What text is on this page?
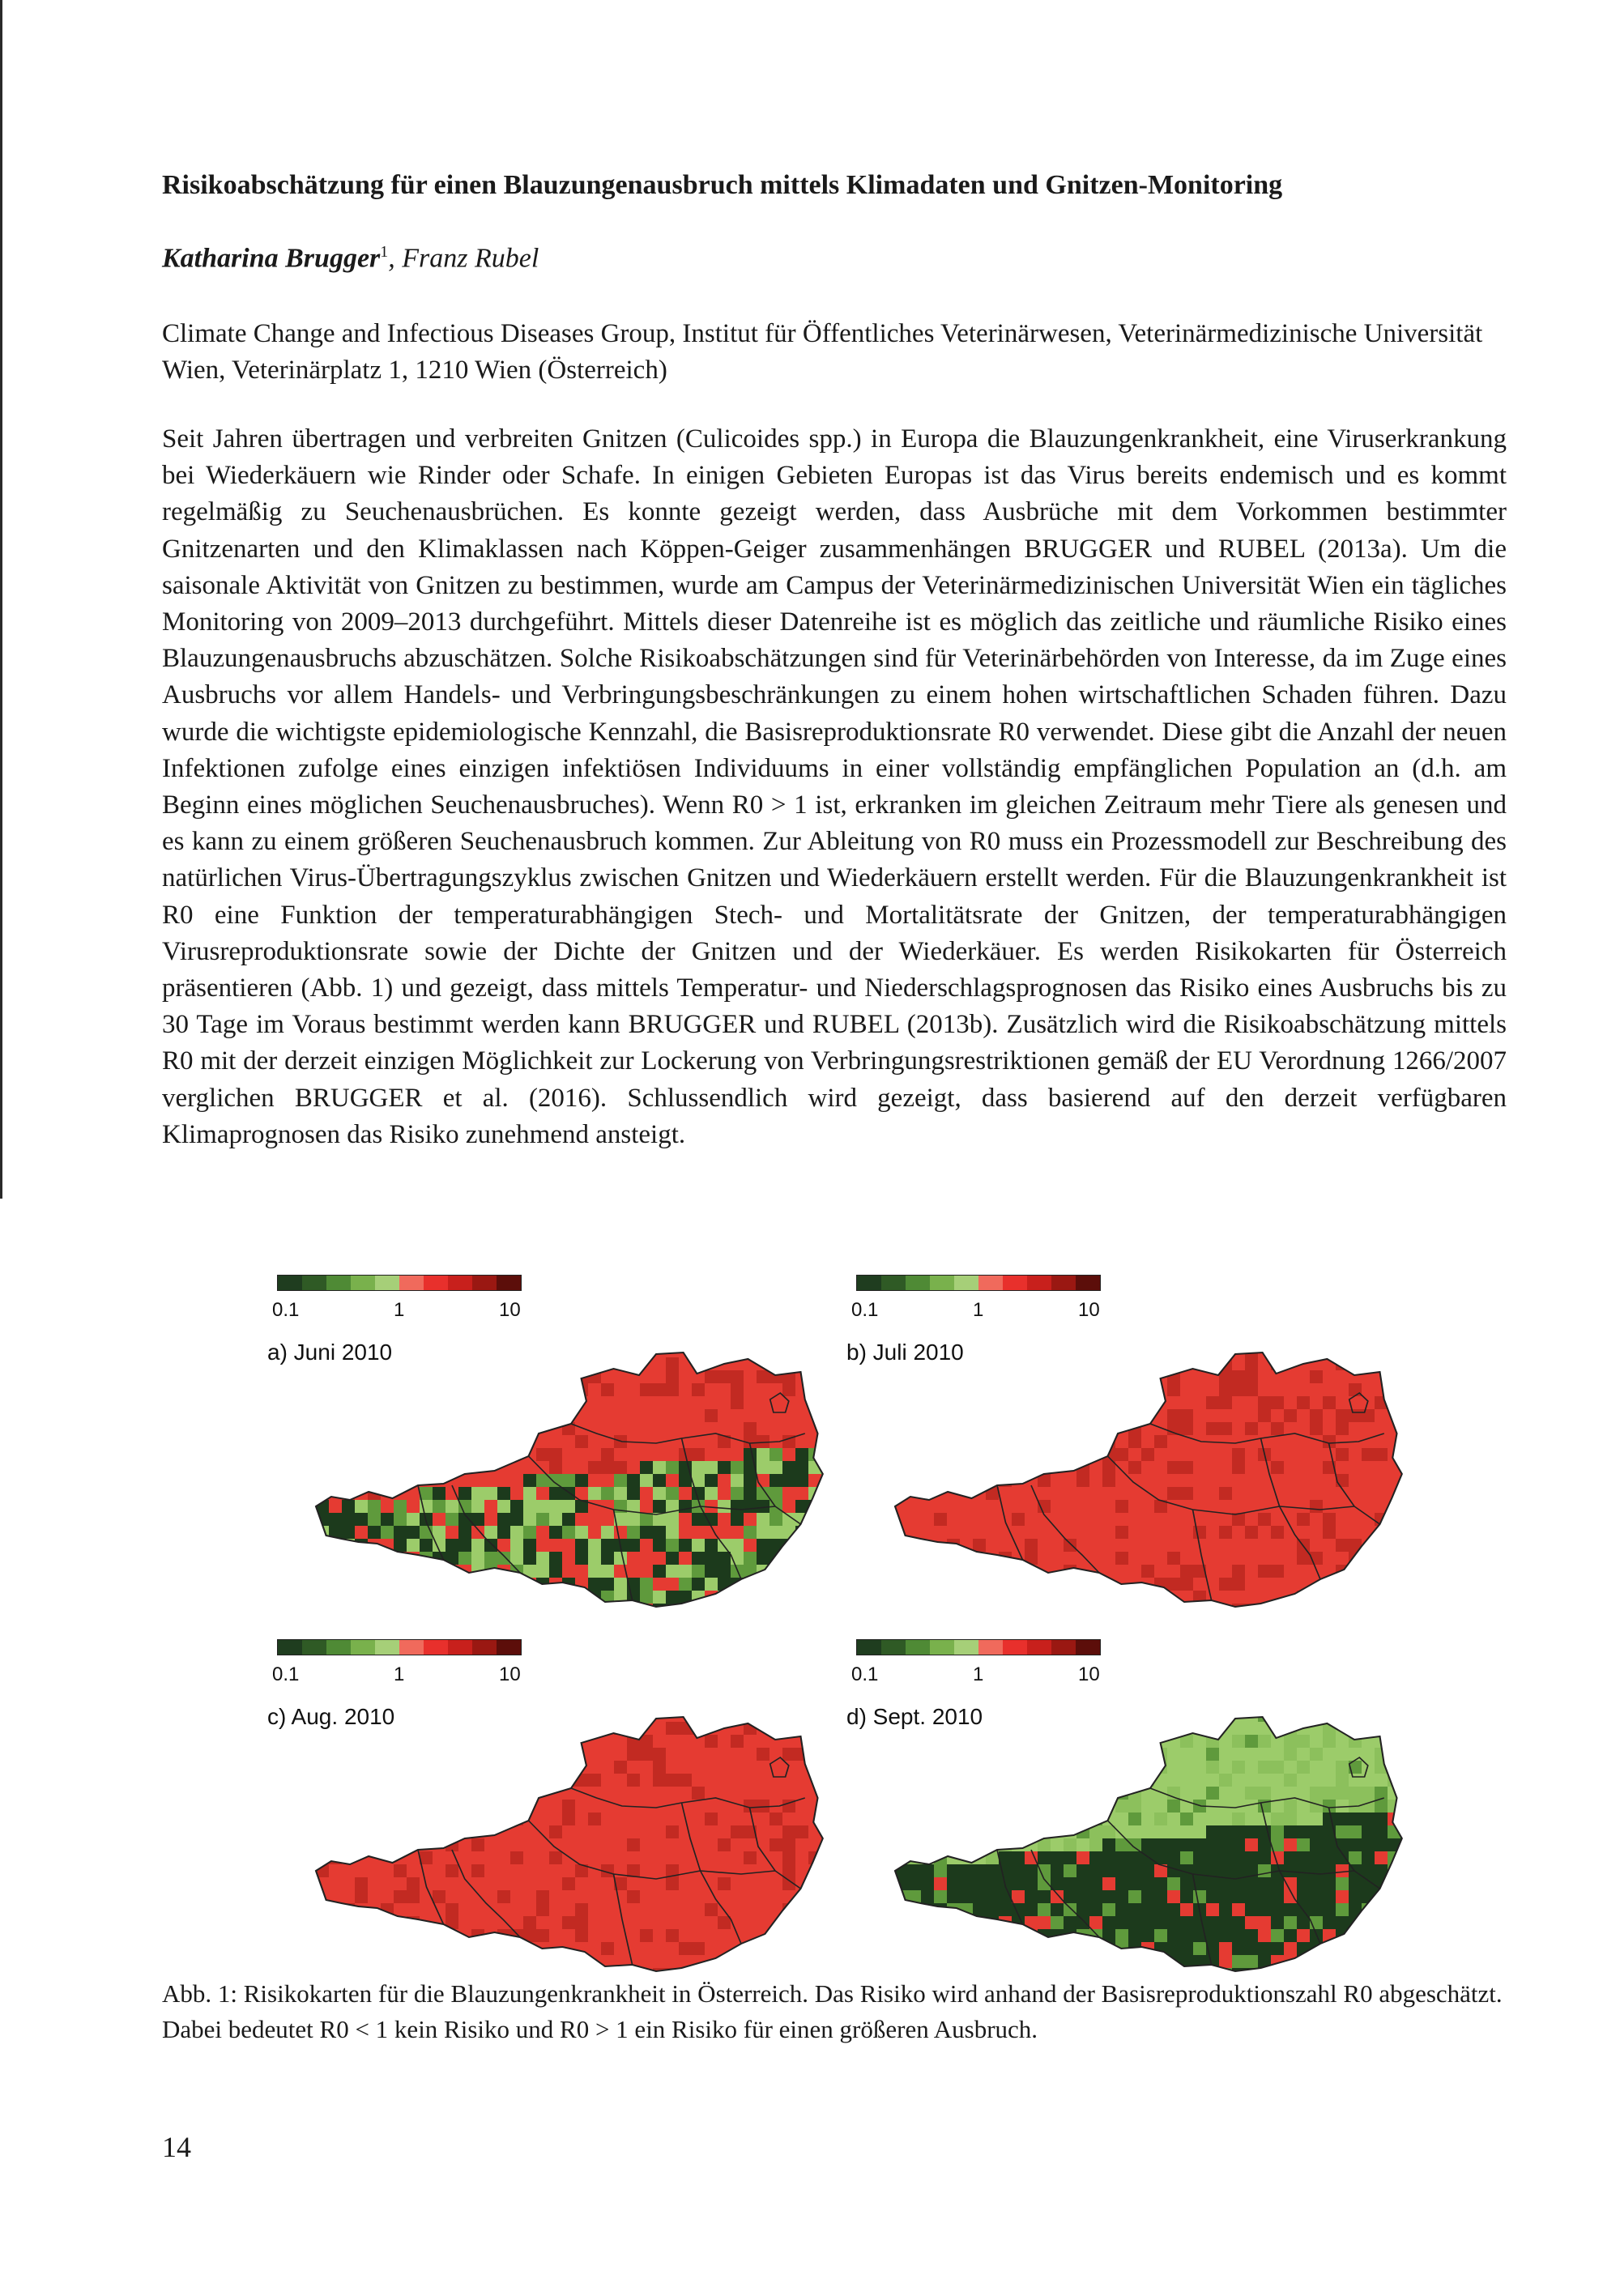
Risikoabschätzung für einen Blauzungenausbruch mittels Klimadaten und Gnitzen-Monitoring
Katharina Brugger$^1$, Franz Rubel
Climate Change and Infectious Diseases Group, Institut für Öffentliches Veterinärwesen, Veterinärmedizinische Universität Wien, Veterinärplatz 1, 1210 Wien (Österreich)
Seit Jahren übertragen und verbreiten Gnitzen (Culicoides spp.) in Europa die Blauzungenkrankheit, eine Viruserkrankung bei Wiederkäuern wie Rinder oder Schafe. In einigen Gebieten Europas ist das Virus bereits endemisch und es kommt regelmäßig zu Seuchenausbrüchen. Es konnte gezeigt werden, dass Ausbrüche mit dem Vorkommen bestimmter Gnitzenarten und den Klimaklassen nach Köppen-Geiger zusammenhängen BRUGGER und RUBEL (2013a). Um die saisonale Aktivität von Gnitzen zu bestimmen, wurde am Campus der Veterinärmedizinischen Universität Wien ein tägliches Monitoring von 2009–2013 durchgeführt. Mittels dieser Datenreihe ist es möglich das zeitliche und räumliche Risiko eines Blauzungenausbruchs abzuschätzen. Solche Risikoabschätzungen sind für Veterinärbehörden von Interesse, da im Zuge eines Ausbruchs vor allem Handels- und Verbringungsbeschränkungen zu einem hohen wirtschaftlichen Schaden führen. Dazu wurde die wichtigste epidemiologische Kennzahl, die Basisreproduktionsrate R0 verwendet. Diese gibt die Anzahl der neuen Infektionen zufolge eines einzigen infektiösen Individuums in einer vollständig empfänglichen Population an (d.h. am Beginn eines möglichen Seuchenausbruches). Wenn R0 > 1 ist, erkranken im gleichen Zeitraum mehr Tiere als genesen und es kann zu einem größeren Seuchenausbruch kommen. Zur Ableitung von R0 muss ein Prozessmodell zur Beschreibung des natürlichen Virus-Übertragungszyklus zwischen Gnitzen und Wiederkäuern erstellt werden. Für die Blauzungenkrankheit ist R0 eine Funktion der temperaturabhängigen Stech- und Mortalitätsrate der Gnitzen, der temperaturabhängigen Virusreproduktionsrate sowie der Dichte der Gnitzen und der Wiederkäuer. Es werden Risikokarten für Österreich präsentieren (Abb. 1) und gezeigt, dass mittels Temperatur- und Niederschlagsprognosen das Risiko eines Ausbruchs bis zu 30 Tage im Voraus bestimmt werden kann BRUGGER und RUBEL (2013b). Zusätzlich wird die Risikoabschätzung mittels R0 mit der derzeit einzigen Möglichkeit zur Lockerung von Verbringungsrestriktionen gemäß der EU Verordnung 1266/2007 verglichen BRUGGER et al. (2016). Schlussendlich wird gezeigt, dass basierend auf den derzeit verfügbaren Klimaprognosen das Risiko zunehmend ansteigt.
0.1	1	10
a) Juni 2010
0.1	1	10
b) Juli 2010
0.1	1	10
c) Aug. 2010
0.1	1	10
d) Sept. 2010
Abb. 1: Risikokarten für die Blauzungenkrankheit in Österreich. Das Risiko wird anhand der Basisreproduktionszahl R0 abgeschätzt. Dabei bedeutet R0 < 1 kein Risiko und R0 > 1 ein Risiko für einen größeren Ausbruch.
14
